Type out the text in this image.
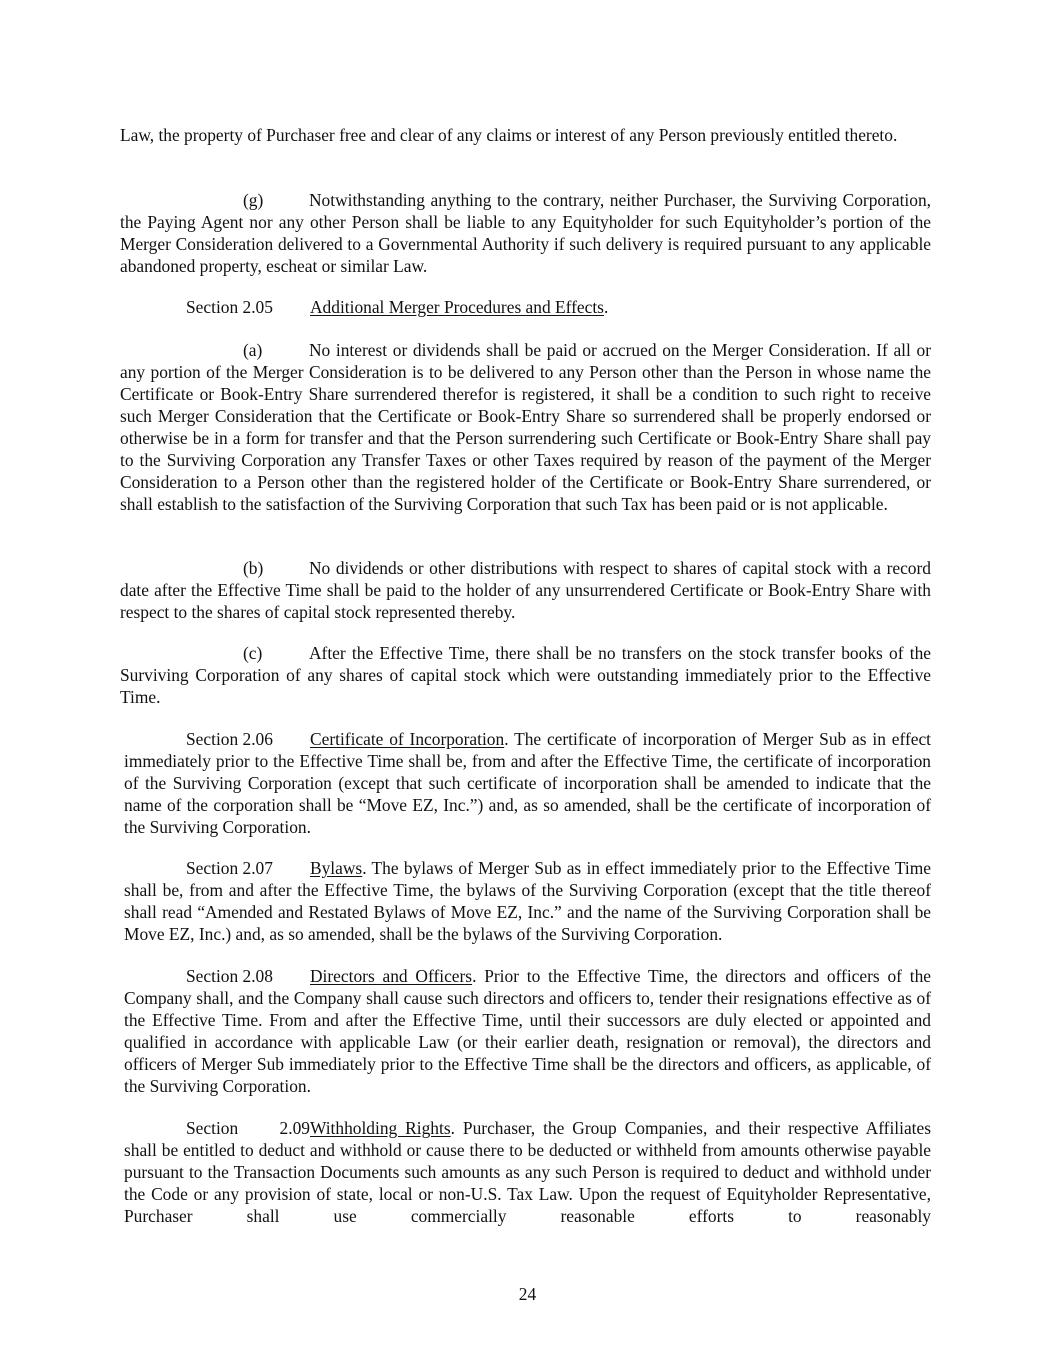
Law, the property of Purchaser free and clear of any claims or interest of any Person previously entitled thereto.

(g)	Notwithstanding anything to the contrary, neither Purchaser, the Surviving Corporation, the Paying Agent nor any other Person shall be liable to any Equityholder for such Equityholder’s portion of the Merger Consideration delivered to a Governmental Authority if such delivery is required pursuant to any applicable abandoned property, escheat or similar Law.

Section 2.05 Additional Merger Procedures and Effects.

(a)	No interest or dividends shall be paid or accrued on the Merger Consideration. If all or any portion of the Merger Consideration is to be delivered to any Person other than the Person in whose name the Certificate or Book-Entry Share surrendered therefor is registered, it shall be a condition to such right to receive such Merger Consideration that the Certificate or Book-Entry Share so surrendered shall be properly endorsed or otherwise be in a form for transfer and that the Person surrendering such Certificate or Book-Entry Share shall pay to the Surviving Corporation any Transfer Taxes or other Taxes required by reason of the payment of the Merger Consideration to a Person other than the registered holder of the Certificate or Book-Entry Share surrendered, or shall establish to the satisfaction of the Surviving Corporation that such Tax has been paid or is not applicable.

(b)	No dividends or other distributions with respect to shares of capital stock with a record date after the Effective Time shall be paid to the holder of any unsurrendered Certificate or Book-Entry Share with respect to the shares of capital stock represented thereby.

(c)	After the Effective Time, there shall be no transfers on the stock transfer books of the Surviving Corporation of any shares of capital stock which were outstanding immediately prior to the Effective Time.

Section 2.06 Certificate of Incorporation. The certificate of incorporation of Merger Sub as in effect immediately prior to the Effective Time shall be, from and after the Effective Time, the certificate of incorporation of the Surviving Corporation (except that such certificate of incorporation shall be amended to indicate that the name of the corporation shall be “Move EZ, Inc.”) and, as so amended, shall be the certificate of incorporation of the Surviving Corporation.

Section 2.07 Bylaws. The bylaws of Merger Sub as in effect immediately prior to the Effective Time shall be, from and after the Effective Time, the bylaws of the Surviving Corporation (except that the title thereof shall read “Amended and Restated Bylaws of Move EZ, Inc.” and the name of the Surviving Corporation shall be Move EZ, Inc.) and, as so amended, shall be the bylaws of the Surviving Corporation.

Section 2.08 Directors and Officers. Prior to the Effective Time, the directors and officers of the Company shall, and the Company shall cause such directors and officers to, tender their resignations effective as of the Effective Time. From and after the Effective Time, until their successors are duly elected or appointed and qualified in accordance with applicable Law (or their earlier death, resignation or removal), the directors and officers of Merger Sub immediately prior to the Effective Time shall be the directors and officers, as applicable, of the Surviving Corporation.

Section 2.09Withholding Rights. Purchaser, the Group Companies, and their respective Affiliates shall be entitled to deduct and withhold or cause there to be deducted or withheld from amounts otherwise payable pursuant to the Transaction Documents such amounts as any such Person is required to deduct and withhold under the Code or any provision of state, local or non-U.S. Tax Law. Upon the request of Equityholder Representative, Purchaser shall use commercially reasonable efforts to reasonably

24
